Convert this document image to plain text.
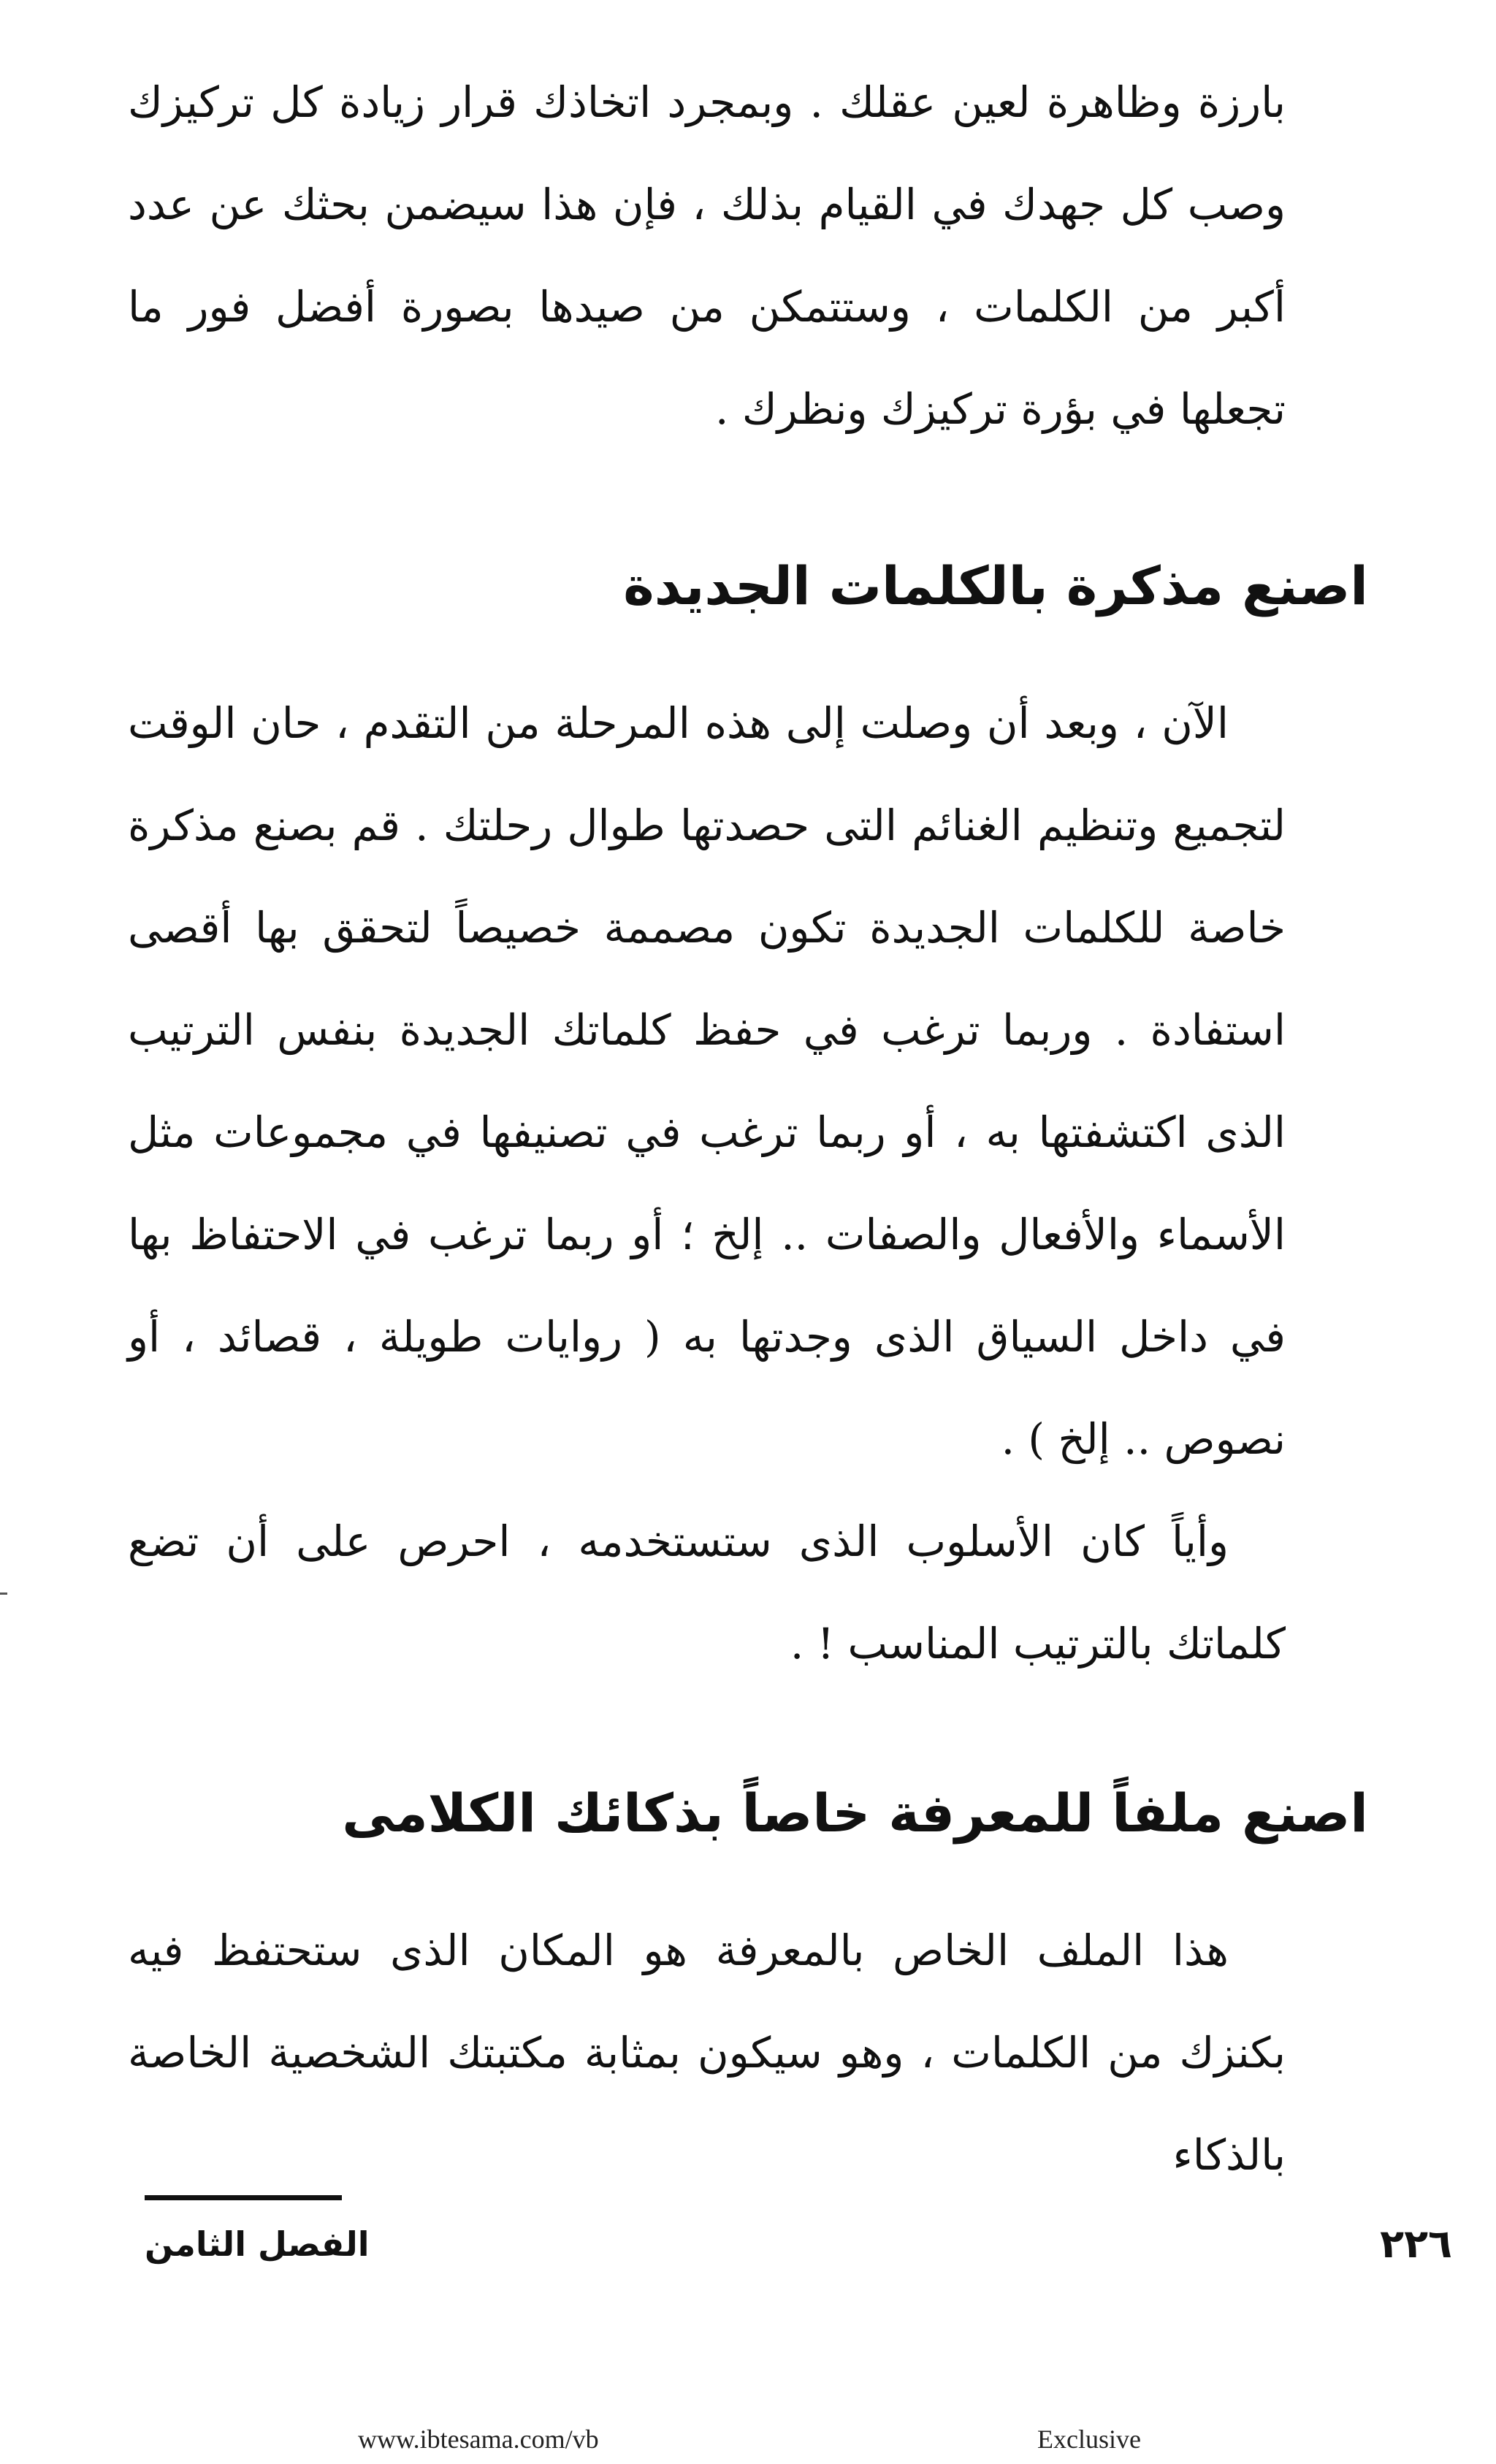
بارزة وظاهرة لعين عقلك . وبمجرد اتخاذك قرار زيادة كل تركيزك وصب كل جهدك في القيام بذلك ، فإن هذا سيضمن بحثك عن عدد أكبر من الكلمات ، وستتمكن من صيدها بصورة أفضل فور ما تجعلها في بؤرة تركيزك ونظرك .

اصنع مذكرة بالكلمات الجديدة

الآن ، وبعد أن وصلت إلى هذه المرحلة من التقدم ، حان الوقت لتجميع وتنظيم الغنائم التى حصدتها طوال رحلتك . قم بصنع مذكرة خاصة للكلمات الجديدة تكون مصممة خصيصاً لتحقق بها أقصى استفادة . وربما ترغب في حفظ كلماتك الجديدة بنفس الترتيب الذى اكتشفتها به ، أو ربما ترغب في تصنيفها في مجموعات مثل الأسماء والأفعال والصفات .. إلخ ؛ أو ربما ترغب في الاحتفاظ بها في داخل السياق الذى وجدتها به ( روايات طويلة ، قصائد ، أو نصوص .. إلخ ) .

وأياً كان الأسلوب الذى ستستخدمه ، احرص على أن تضع كلماتك بالترتيب المناسب ! .

اصنع ملفاً للمعرفة خاصاً بذكائك الكلامى

هذا الملف الخاص بالمعرفة هو المكان الذى ستحتفظ فيه بكنزك من الكلمات ، وهو سيكون بمثابة مكتبتك الشخصية الخاصة بالذكاء

الفصل الثامن	٢٢٦
www.ibtesama.com/vb	Exclusive
